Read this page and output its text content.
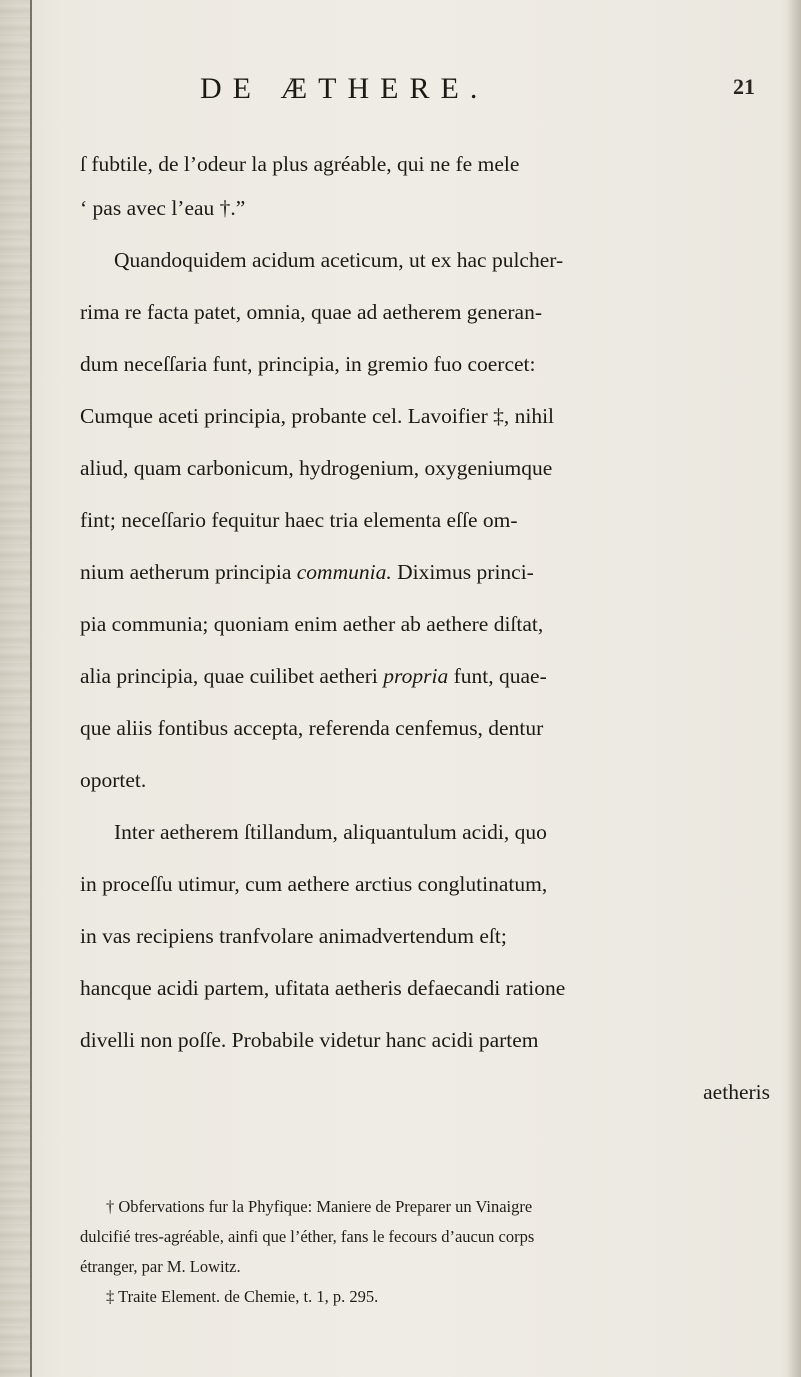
DE ÆTHERE.	21
ſ fubtile, de l’odeur la plus agréable, qui ne fe mele
‘ pas avec l’eau †.”
Quandoquidem acidum aceticum, ut ex hac pulcher-
rima re facta patet, omnia, quae ad aetherem generan-
dum neceſſaria funt, principia, in gremio fuo coercet:
Cumque aceti principia, probante cel. Lavoifier ‡, nihil
aliud, quam carbonicum, hydrogenium, oxygeniumque
fint; neceſſario fequitur haec tria elementa eſſe om-
nium aetherum principia communia. Diximus princi-
pia communia; quoniam enim aether ab aethere diſtat,
alia principia, quae cuilibet aetheri propria funt, quae-
que aliis fontibus accepta, referenda cenfemus, dentur
oportet.
Inter aetherem ſtillandum, aliquantulum acidi, quo
in proceſſu utimur, cum aethere arctius conglutinatum,
in vas recipiens tranfvolare animadvertendum eſt;
hancque acidi partem, ufitata aetheris defaecandi ratione
divelli non poſſe. Probabile videtur hanc acidi partem
aetheris
† Obfervations fur la Phyfique: Maniere de Preparer un Vinaigre
dulcifié tres-agréable, ainfi que l’éther, fans le fecours d’aucun corps
étranger, par M. Lowitz.
‡ Traite Element. de Chemie, t. 1, p. 295.
